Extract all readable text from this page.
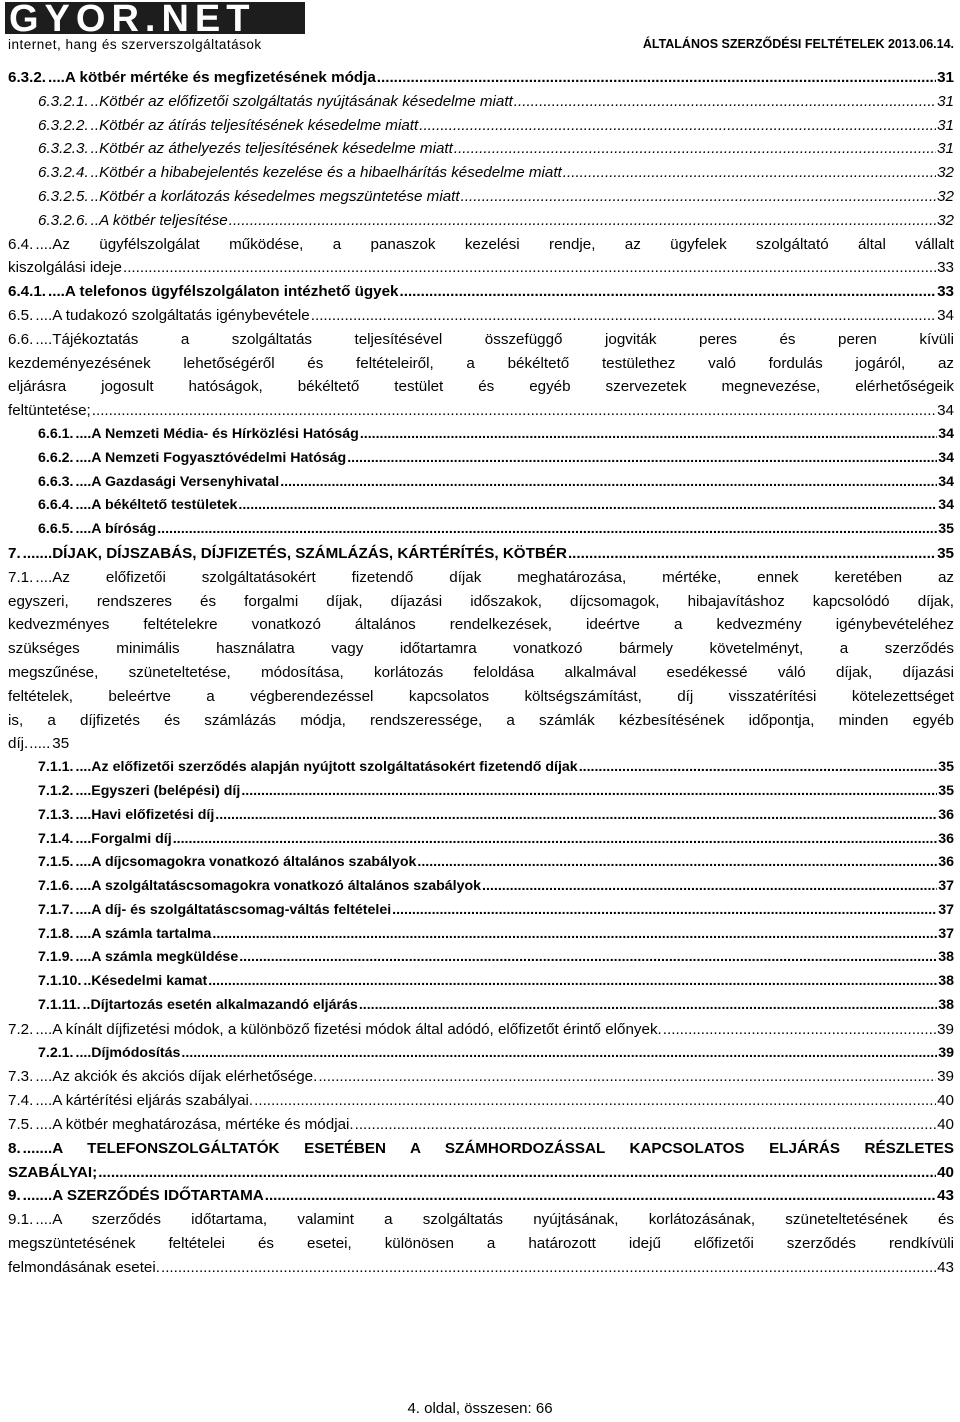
GYOR.NET
internet, hang és szerverszolgáltatások	ÁLTALÁNOS SZERZŐDÉSI FELTÉTELEK 2013.06.14.
6.3.2. .... A kötbér mértéke és megfizetésének módja .....	31
6.3.2.1. .. Kötbér az előfizetői szolgáltatás nyújtásának késedelme miatt .....	31
6.3.2.2. .. Kötbér az átírás teljesítésének késedelme miatt .....	31
6.3.2.3. .. Kötbér az áthelyezés teljesítésének késedelme miatt .....	31
6.3.2.4. .. Kötbér a hibabejelentés kezelése és a hibaelhárítás késedelme miatt .....	32
6.3.2.5. .. Kötbér a korlátozás késedelmes megszüntetése miatt .....	32
6.3.2.6. .. A kötbér teljesítése .....	32
6.4. ....Az ügyfélszolgálat működése, a panaszok kezelési rendje, az ügyfelek szolgáltató által vállalt
kiszolgálási ideje .....	33
6.4.1. .... A telefonos ügyfélszolgálaton intézhető ügyek .....	33
6.5. .... A tudakozó szolgáltatás igénybevétele .....	34
6.6. ....Tájékoztatás a szolgáltatás teljesítésével összefüggő jogviták peres és peren kívüli
kezdeményezésének lehetőségéről és feltételeiről, a békéltető testülethez való fordulás jogáról, az
eljárásra jogosult hatóságok, békéltető testület és egyéb szervezetek megnevezése, elérhetőségeik
feltüntetése; .....	34
6.6.1. .... A Nemzeti Média- és Hírközlési Hatóság .....	34
6.6.2. .... A Nemzeti Fogyasztóvédelmi Hatóság .....	34
6.6.3. .... A Gazdasági Versenyhivatal .....	34
6.6.4. .... A békéltető testületek .....	34
6.6.5. .... A bíróság .....	35
7. ....... DÍJAK, DÍJSZABÁS, DÍJFIZETÉS, SZÁMLÁZÁS, KÁRTÉRÍTÉS, KÖTBÉR .....	35
7.1. ....Az előfizetői szolgáltatásokért fizetendő díjak meghatározása, mértéke, ennek keretében az
egyszeri, rendszeres és forgalmi díjak, díjazási időszakok, díjcsomagok, hibajavításhoz kapcsolódó díjak,
kedvezményes feltételekre vonatkozó általános rendelkezések, ideértve a kedvezmény igénybevételéhez
szükséges minimális használatra vagy időtartamra vonatkozó bármely követelményt, a szerződés
megszűnése, szüneteltetése, módosítása, korlátozás feloldása alkalmával esedékessé váló díjak, díjazási
feltételek, beleértve a végberendezéssel kapcsolatos költségszámítást, díj visszatérítési kötelezettséget
is, a díjfizetés és számlázás módja, rendszeressége, a számlák kézbesítésének időpontja, minden egyéb
díj. ..... 35
7.1.1. .... Az előfizetői szerződés alapján nyújtott szolgáltatásokért fizetendő díjak .....	35
7.1.2. .... Egyszeri (belépési) díj .....	35
7.1.3. .... Havi előfizetési díj .....	36
7.1.4. .... Forgalmi díj .....	36
7.1.5. .... A díjcsomagokra vonatkozó általános szabályok .....	36
7.1.6. .... A szolgáltatáscsomagokra vonatkozó általános szabályok .....	37
7.1.7. .... A díj- és szolgáltatáscsomag-váltás feltételei .....	37
7.1.8. .... A számla tartalma .....	37
7.1.9. .... A számla megküldése .....	38
7.1.10. .. Késedelmi kamat .....	38
7.1.11. .. Díjtartozás esetén alkalmazandó eljárás .....	38
7.2. .... A kínált díjfizetési módok, a különböző fizetési módok által adódó, előfizetőt érintő előnyek. .....	39
7.2.1. .... Díjmódosítás .....	39
7.3. .... Az akciók és akciós díjak elérhetősége. .....	39
7.4. .... A kártérítési eljárás szabályai. .....	40
7.5. .... A kötbér meghatározása, mértéke és módjai. .....	40
8. .......A TELEFONSZOLGÁLTATÓK ESETÉBEN A SZÁMHORDOZÁSSAL KAPCSOLATOS ELJÁRÁS RÉSZLETES
SZABÁLYAI; .....	40
9. ....... A SZERZŐDÉS IDŐTARTAMA .....	43
9.1. ....A szerződés időtartama, valamint a szolgáltatás nyújtásának, korlátozásának, szüneteltetésének és
megszüntetésének feltételei és esetei, különösen a határozott idejű előfizetői szerződés rendkívüli
felmondásának esetei. .....	43
4. oldal, összesen: 66
